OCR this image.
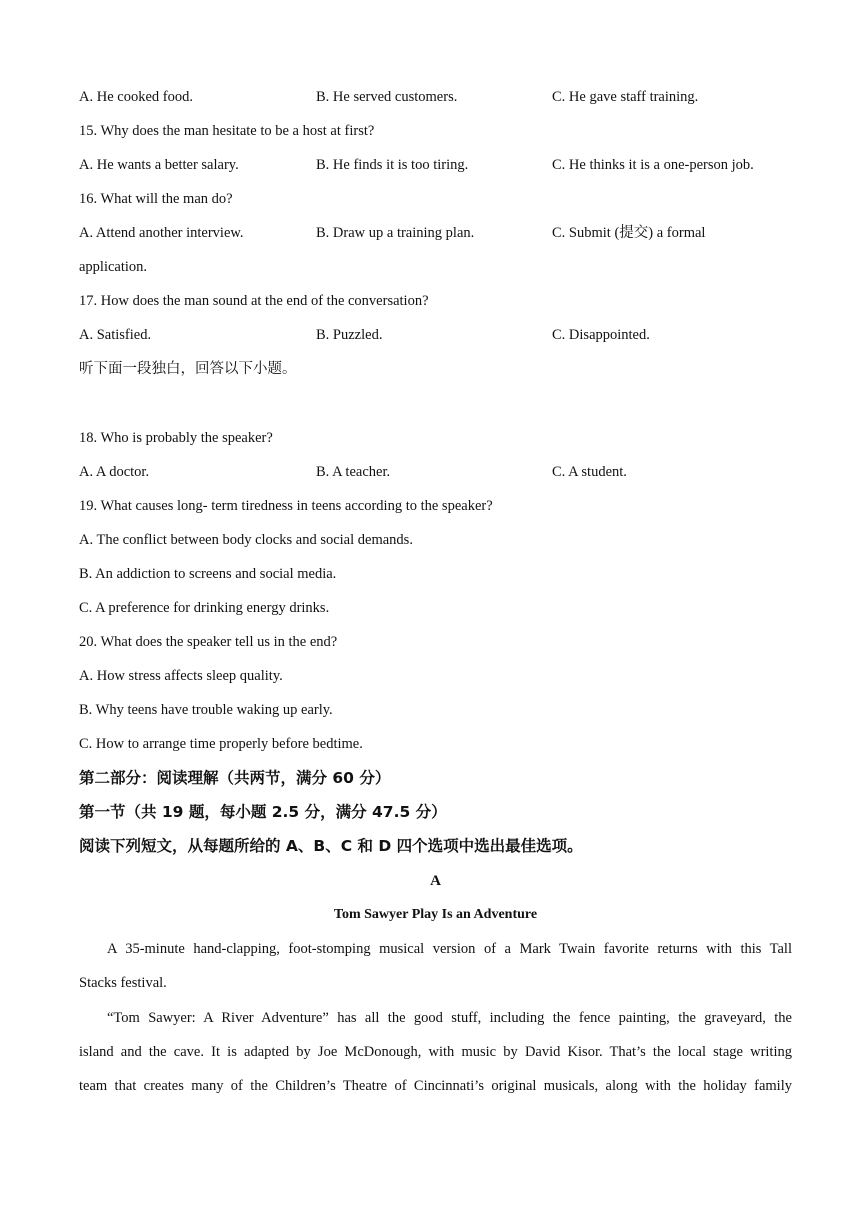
A. He cooked food.	B. He served customers.	C. He gave staff training.
15. Why does the man hesitate to be a host at first?
A. He wants a better salary.	B. He finds it is too tiring.	C. He thinks it is a one-person job.
16. What will the man do?
A. Attend another interview.	B. Draw up a training plan.	C. Submit (提交) a formal
application.
17. How does the man sound at the end of the conversation?
A. Satisfied.	B. Puzzled.	C. Disappointed.
听下面一段独白，回答以下小题。
18. Who is probably the speaker?
A. A doctor.	B. A teacher.	C. A student.
19. What causes long- term tiredness in teens according to the speaker?
A. The conflict between body clocks and social demands.
B. An addiction to screens and social media.
C. A preference for drinking energy drinks.
20. What does the speaker tell us in the end?
A. How stress affects sleep quality.
B. Why teens have trouble waking up early.
C. How to arrange time properly before bedtime.
第二部分：阅读理解（共两节，满分 60 分）
第一节（共 19 题，每小题 2.5 分，满分 47.5 分）
阅读下列短文，从每题所给的 A、B、C 和 D 四个选项中选出最佳选项。
A
Tom Sawyer Play Is an Adventure
A 35-minute hand-clapping, foot-stomping musical version of a Mark Twain favorite returns with this Tall
Stacks festival.
“Tom Sawyer: A River Adventure” has all the good stuff, including the fence painting, the graveyard, the
island and the cave. It is adapted by Joe McDonough, with music by David Kisor. That’s the local stage writing
team that creates many of the Children’s Theatre of Cincinnati’s original musicals, along with the holiday family
